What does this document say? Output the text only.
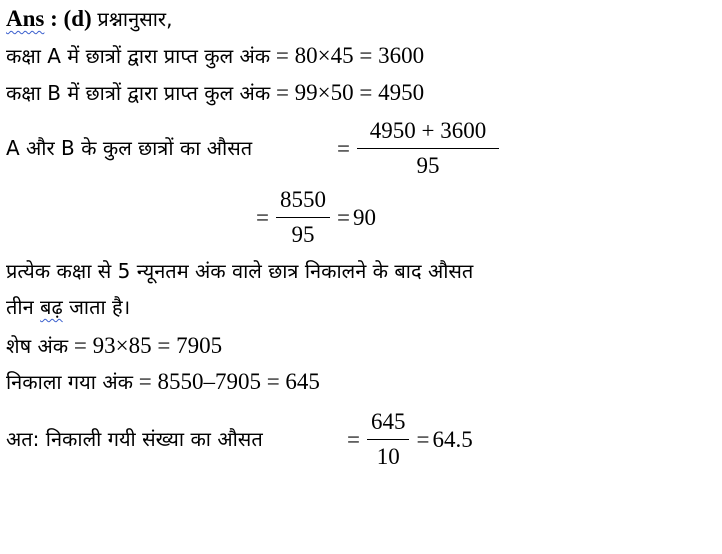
Ans : (d) प्रश्नानुसार,
कक्षा A में छात्रों द्वारा प्राप्त कुल अंक = 80×45 = 3600
कक्षा B में छात्रों द्वारा प्राप्त कुल अंक = 99×50 = 4950
A और B के कुल छात्रों का औसत	= $\frac{4950 + 3600}{95}$
= $\frac{8550}{95} = 90$
प्रत्येक कक्षा से 5 न्यूनतम अंक वाले छात्र निकालने के बाद औसत
तीन बढ़ जाता है।
शेष अंक = 93×85 = 7905
निकाला गया अंक = 8550–7905 = 645
अत: निकाली गयी संख्या का औसत	= $\frac{645}{10} = 64.5$
